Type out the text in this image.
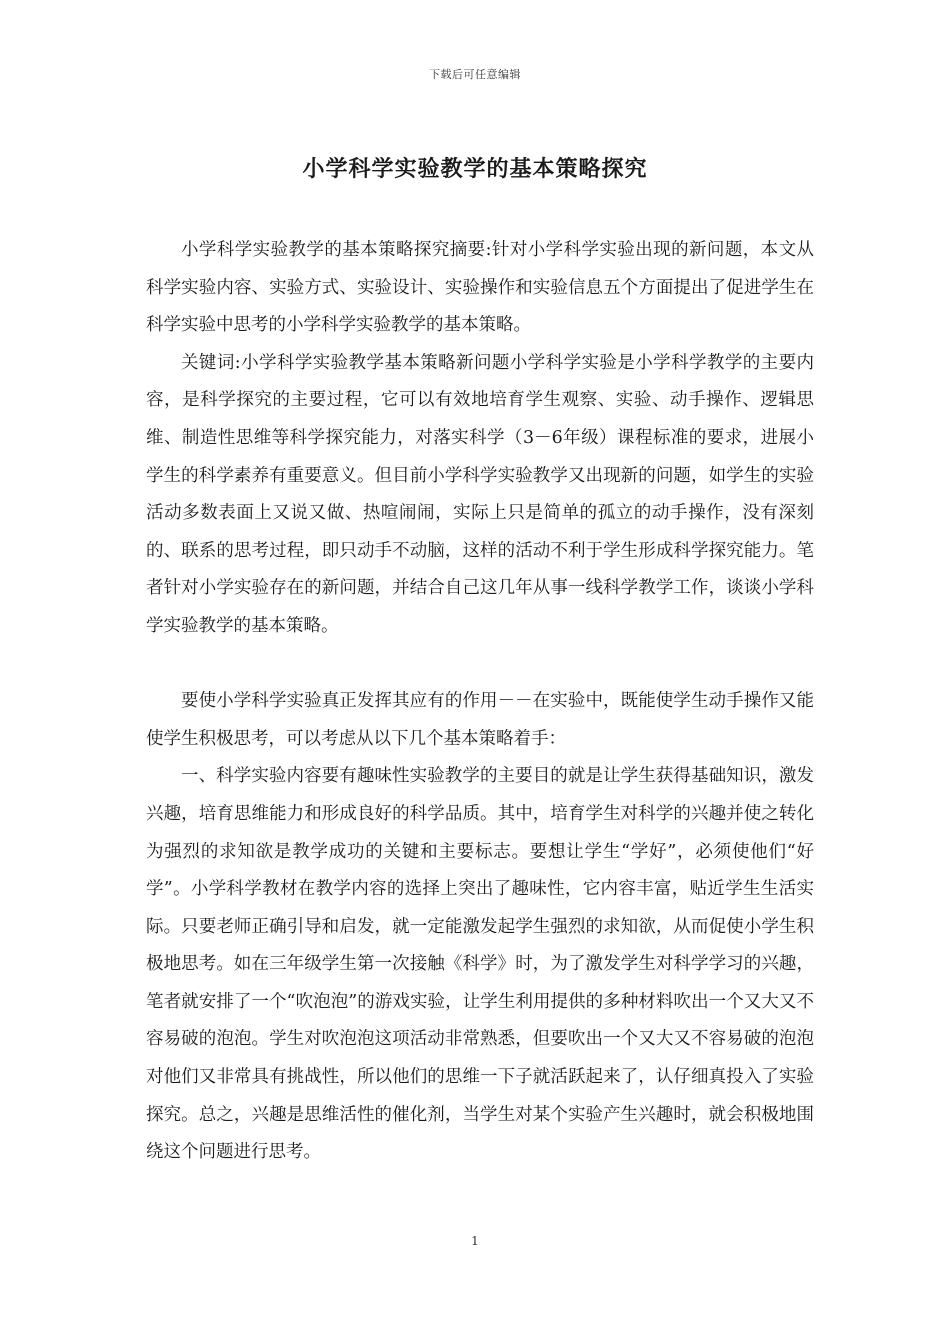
下载后可任意编辑
小学科学实验教学的基本策略探究

小学科学实验教学的基本策略探究摘要:针对小学科学实验出现的新问题，本文从科学实验内容、实验方式、实验设计、实验操作和实验信息五个方面提出了促进学生在科学实验中思考的小学科学实验教学的基本策略。

关键词:小学科学实验教学基本策略新问题小学科学实验是小学科学教学的主要内容，是科学探究的主要过程，它可以有效地培育学生观察、实验、动手操作、逻辑思维、制造性思维等科学探究能力，对落实科学（3－6年级）课程标准的要求，进展小学生的科学素养有重要意义。但目前小学科学实验教学又出现新的问题，如学生的实验活动多数表面上又说又做、热喧闹闹，实际上只是简单的孤立的动手操作，没有深刻的、联系的思考过程，即只动手不动脑，这样的活动不利于学生形成科学探究能力。笔者针对小学实验存在的新问题，并结合自己这几年从事一线科学教学工作，谈谈小学科学实验教学的基本策略。

要使小学科学实验真正发挥其应有的作用－－在实验中，既能使学生动手操作又能使学生积极思考，可以考虑从以下几个基本策略着手：

一、科学实验内容要有趣味性实验教学的主要目的就是让学生获得基础知识，激发兴趣，培育思维能力和形成良好的科学品质。其中，培育学生对科学的兴趣并使之转化为强烈的求知欲是教学成功的关键和主要标志。要想让学生“学好”，必须使他们“好学”。小学科学教材在教学内容的选择上突出了趣味性，它内容丰富，贴近学生生活实际。只要老师正确引导和启发，就一定能激发起学生强烈的求知欲，从而促使小学生积极地思考。如在三年级学生第一次接触《科学》时，为了激发学生对科学学习的兴趣，笔者就安排了一个“吹泡泡”的游戏实验，让学生利用提供的多种材料吹出一个又大又不容易破的泡泡。学生对吹泡泡这项活动非常熟悉，但要吹出一个又大又不容易破的泡泡对他们又非常具有挑战性，所以他们的思维一下子就活跃起来了，认仔细真投入了实验探究。总之，兴趣是思维活性的催化剂，当学生对某个实验产生兴趣时，就会积极地围绕这个问题进行思考。

1
